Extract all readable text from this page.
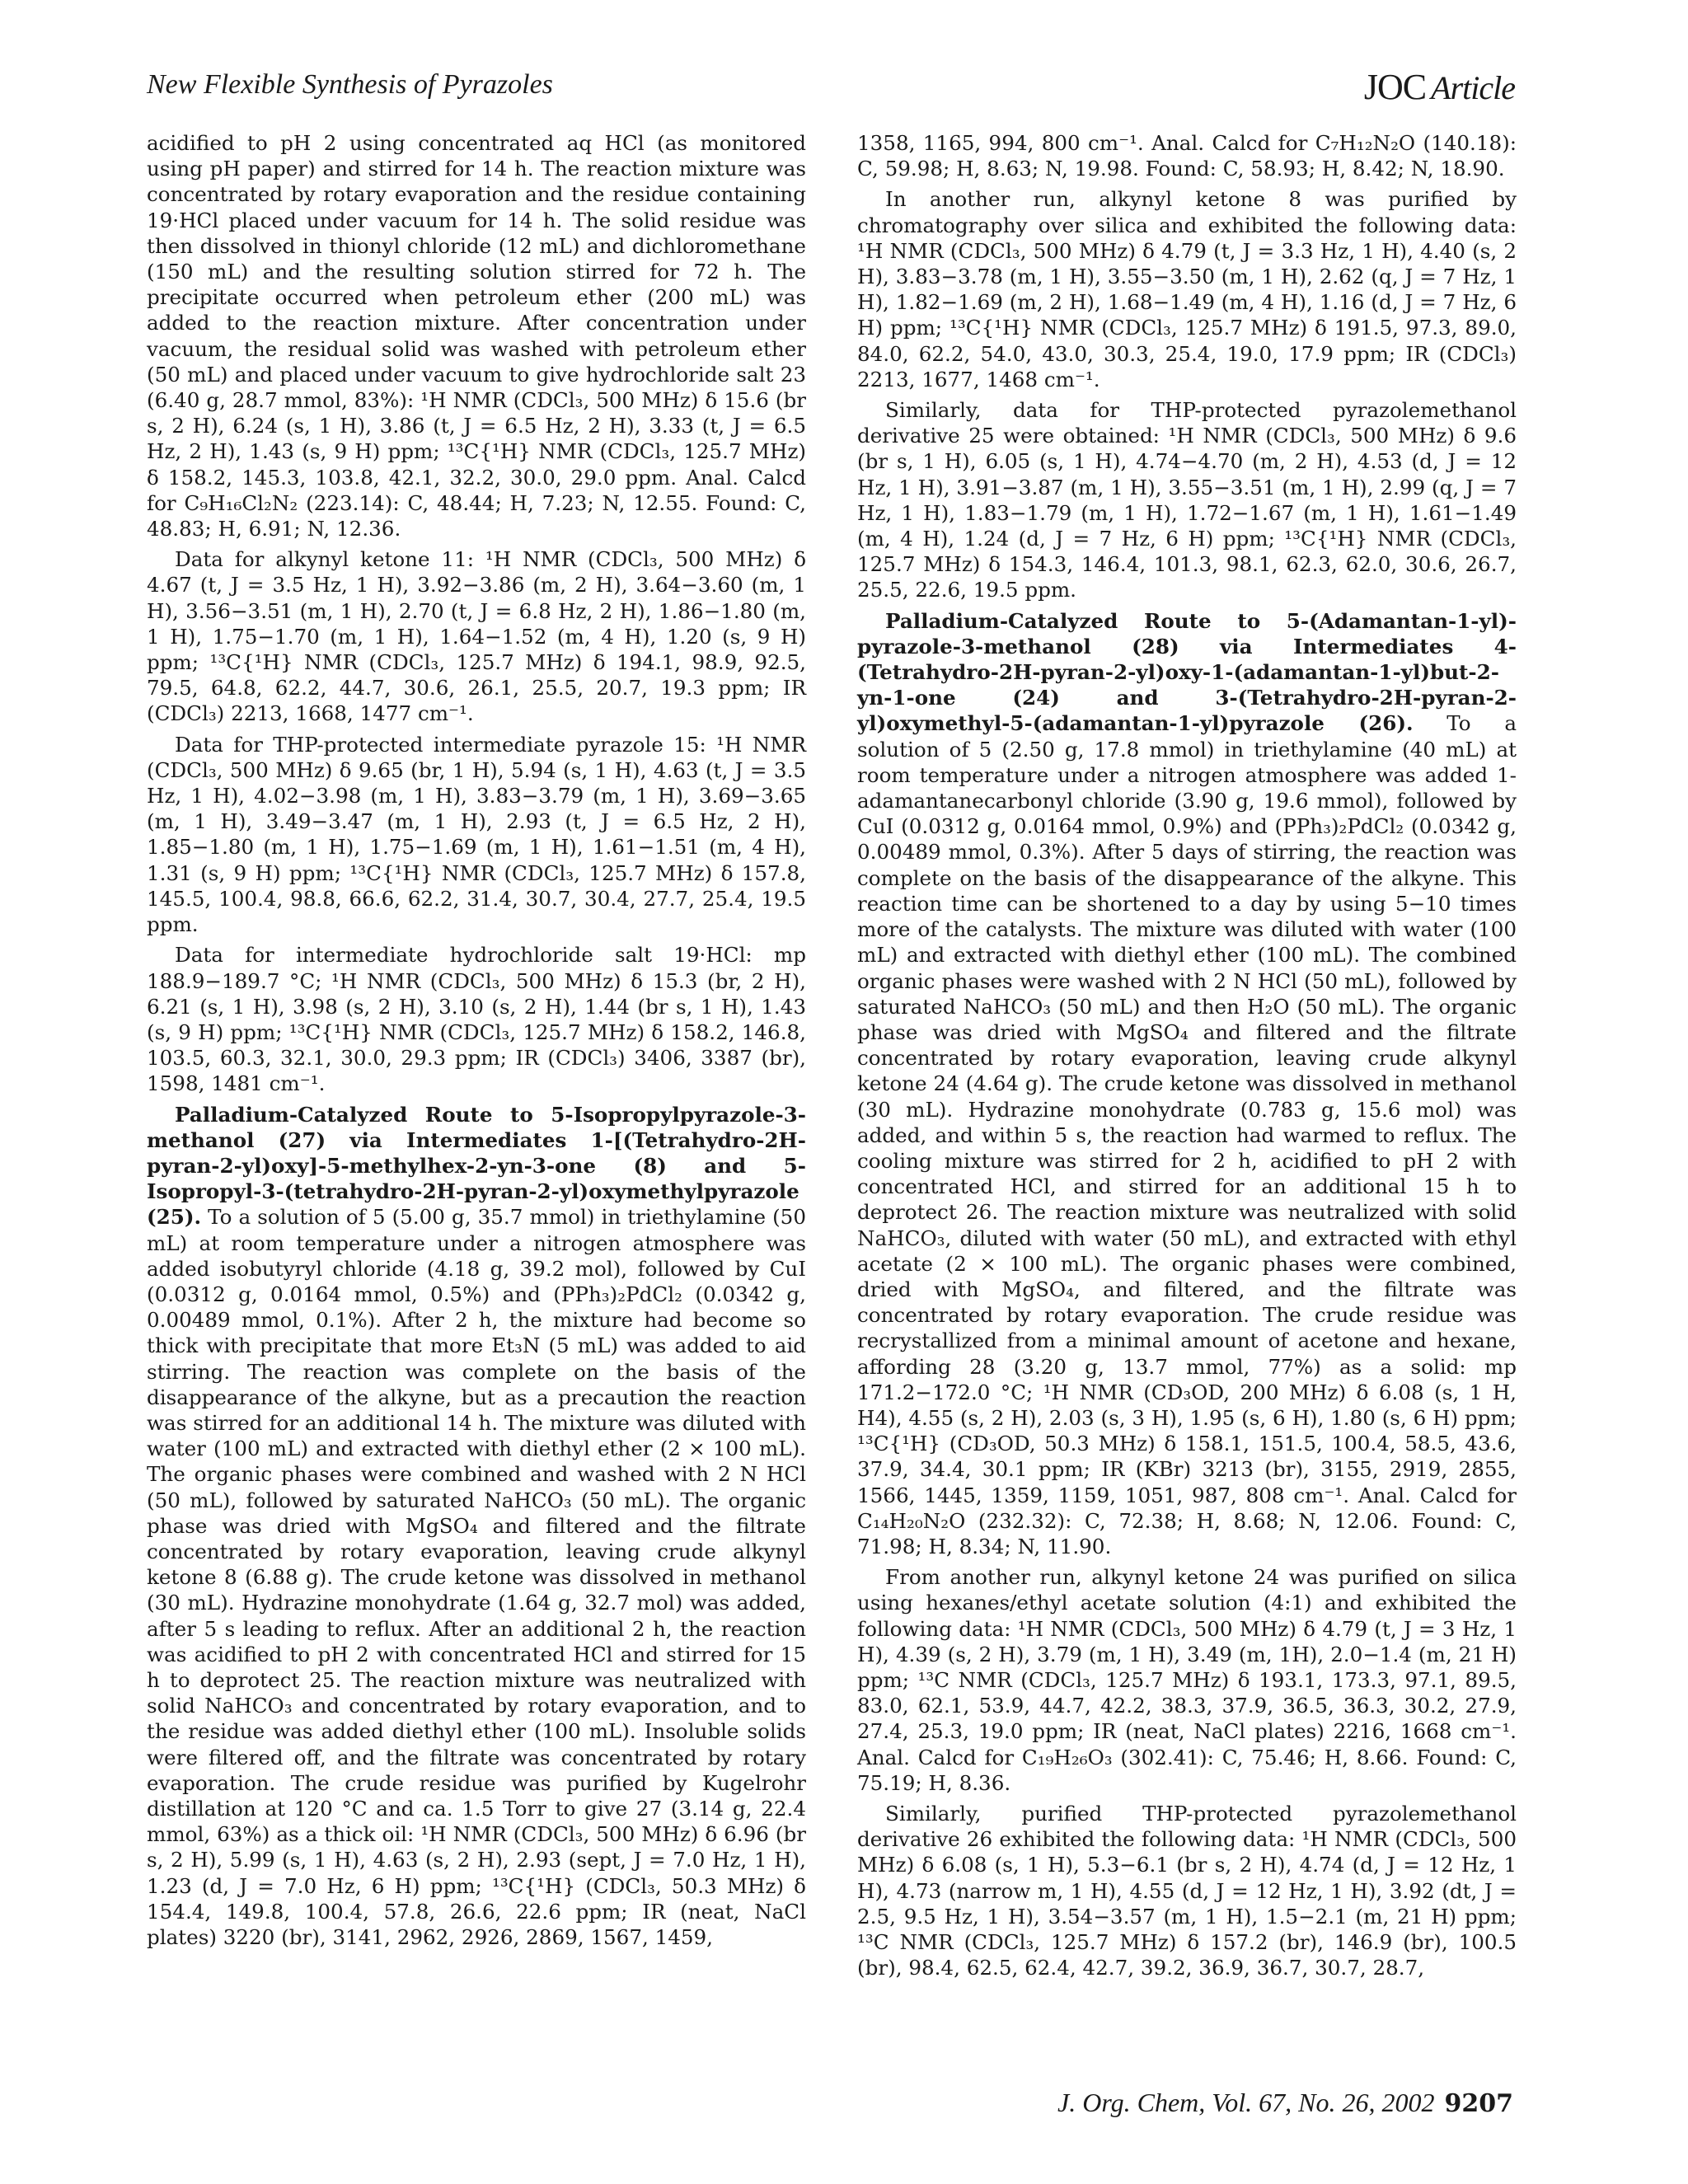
New Flexible Synthesis of Pyrazoles	JOC Article

acidified to pH 2 using concentrated aq HCl (as monitored using pH paper) and stirred for 14 h. The reaction mixture was concentrated by rotary evaporation and the residue containing 19·HCl placed under vacuum for 14 h. The solid residue was then dissolved in thionyl chloride (12 mL) and dichloromethane (150 mL) and the resulting solution stirred for 72 h. The precipitate occurred when petroleum ether (200 mL) was added to the reaction mixture. After concentration under vacuum, the residual solid was washed with petroleum ether (50 mL) and placed under vacuum to give hydrochloride salt 23 (6.40 g, 28.7 mmol, 83%): ¹H NMR (CDCl₃, 500 MHz) δ 15.6 (br s, 2 H), 6.24 (s, 1 H), 3.86 (t, J = 6.5 Hz, 2 H), 3.33 (t, J = 6.5 Hz, 2 H), 1.43 (s, 9 H) ppm; ¹³C{¹H} NMR (CDCl₃, 125.7 MHz) δ 158.2, 145.3, 103.8, 42.1, 32.2, 30.0, 29.0 ppm. Anal. Calcd for C₉H₁₆Cl₂N₂ (223.14): C, 48.44; H, 7.23; N, 12.55. Found: C, 48.83; H, 6.91; N, 12.36.

Data for alkynyl ketone 11: ¹H NMR (CDCl₃, 500 MHz) δ 4.67 (t, J = 3.5 Hz, 1 H), 3.92−3.86 (m, 2 H), 3.64−3.60 (m, 1 H), 3.56−3.51 (m, 1 H), 2.70 (t, J = 6.8 Hz, 2 H), 1.86−1.80 (m, 1 H), 1.75−1.70 (m, 1 H), 1.64−1.52 (m, 4 H), 1.20 (s, 9 H) ppm; ¹³C{¹H} NMR (CDCl₃, 125.7 MHz) δ 194.1, 98.9, 92.5, 79.5, 64.8, 62.2, 44.7, 30.6, 26.1, 25.5, 20.7, 19.3 ppm; IR (CDCl₃) 2213, 1668, 1477 cm⁻¹.

Data for THP-protected intermediate pyrazole 15: ¹H NMR (CDCl₃, 500 MHz) δ 9.65 (br, 1 H), 5.94 (s, 1 H), 4.63 (t, J = 3.5 Hz, 1 H), 4.02−3.98 (m, 1 H), 3.83−3.79 (m, 1 H), 3.69−3.65 (m, 1 H), 3.49−3.47 (m, 1 H), 2.93 (t, J = 6.5 Hz, 2 H), 1.85−1.80 (m, 1 H), 1.75−1.69 (m, 1 H), 1.61−1.51 (m, 4 H), 1.31 (s, 9 H) ppm; ¹³C{¹H} NMR (CDCl₃, 125.7 MHz) δ 157.8, 145.5, 100.4, 98.8, 66.6, 62.2, 31.4, 30.7, 30.4, 27.7, 25.4, 19.5 ppm.

Data for intermediate hydrochloride salt 19·HCl: mp 188.9−189.7 °C; ¹H NMR (CDCl₃, 500 MHz) δ 15.3 (br, 2 H), 6.21 (s, 1 H), 3.98 (s, 2 H), 3.10 (s, 2 H), 1.44 (br s, 1 H), 1.43 (s, 9 H) ppm; ¹³C{¹H} NMR (CDCl₃, 125.7 MHz) δ 158.2, 146.8, 103.5, 60.3, 32.1, 30.0, 29.3 ppm; IR (CDCl₃) 3406, 3387 (br), 1598, 1481 cm⁻¹.

Palladium-Catalyzed Route to 5-Isopropylpyrazole-3-methanol (27) via Intermediates 1-[(Tetrahydro-2H-pyran-2-yl)oxy]-5-methylhex-2-yn-3-one (8) and 5-Isopropyl-3-(tetrahydro-2H-pyran-2-yl)oxymethylpyrazole (25). To a solution of 5 (5.00 g, 35.7 mmol) in triethylamine (50 mL) at room temperature under a nitrogen atmosphere was added isobutyryl chloride (4.18 g, 39.2 mol), followed by CuI (0.0312 g, 0.0164 mmol, 0.5%) and (PPh₃)₂PdCl₂ (0.0342 g, 0.00489 mmol, 0.1%). After 2 h, the mixture had become so thick with precipitate that more Et₃N (5 mL) was added to aid stirring. The reaction was complete on the basis of the disappearance of the alkyne, but as a precaution the reaction was stirred for an additional 14 h. The mixture was diluted with water (100 mL) and extracted with diethyl ether (2 × 100 mL). The organic phases were combined and washed with 2 N HCl (50 mL), followed by saturated NaHCO₃ (50 mL). The organic phase was dried with MgSO₄ and filtered and the filtrate concentrated by rotary evaporation, leaving crude alkynyl ketone 8 (6.88 g). The crude ketone was dissolved in methanol (30 mL). Hydrazine monohydrate (1.64 g, 32.7 mol) was added, after 5 s leading to reflux. After an additional 2 h, the reaction was acidified to pH 2 with concentrated HCl and stirred for 15 h to deprotect 25. The reaction mixture was neutralized with solid NaHCO₃ and concentrated by rotary evaporation, and to the residue was added diethyl ether (100 mL). Insoluble solids were filtered off, and the filtrate was concentrated by rotary evaporation. The crude residue was purified by Kugelrohr distillation at 120 °C and ca. 1.5 Torr to give 27 (3.14 g, 22.4 mmol, 63%) as a thick oil: ¹H NMR (CDCl₃, 500 MHz) δ 6.96 (br s, 2 H), 5.99 (s, 1 H), 4.63 (s, 2 H), 2.93 (sept, J = 7.0 Hz, 1 H), 1.23 (d, J = 7.0 Hz, 6 H) ppm; ¹³C{¹H} (CDCl₃, 50.3 MHz) δ 154.4, 149.8, 100.4, 57.8, 26.6, 22.6 ppm; IR (neat, NaCl plates) 3220 (br), 3141, 2962, 2926, 2869, 1567, 1459,

1358, 1165, 994, 800 cm⁻¹. Anal. Calcd for C₇H₁₂N₂O (140.18): C, 59.98; H, 8.63; N, 19.98. Found: C, 58.93; H, 8.42; N, 18.90.

In another run, alkynyl ketone 8 was purified by chromatography over silica and exhibited the following data: ¹H NMR (CDCl₃, 500 MHz) δ 4.79 (t, J = 3.3 Hz, 1 H), 4.40 (s, 2 H), 3.83−3.78 (m, 1 H), 3.55−3.50 (m, 1 H), 2.62 (q, J = 7 Hz, 1 H), 1.82−1.69 (m, 2 H), 1.68−1.49 (m, 4 H), 1.16 (d, J = 7 Hz, 6 H) ppm; ¹³C{¹H} NMR (CDCl₃, 125.7 MHz) δ 191.5, 97.3, 89.0, 84.0, 62.2, 54.0, 43.0, 30.3, 25.4, 19.0, 17.9 ppm; IR (CDCl₃) 2213, 1677, 1468 cm⁻¹.

Similarly, data for THP-protected pyrazolemethanol derivative 25 were obtained: ¹H NMR (CDCl₃, 500 MHz) δ 9.6 (br s, 1 H), 6.05 (s, 1 H), 4.74−4.70 (m, 2 H), 4.53 (d, J = 12 Hz, 1 H), 3.91−3.87 (m, 1 H), 3.55−3.51 (m, 1 H), 2.99 (q, J = 7 Hz, 1 H), 1.83−1.79 (m, 1 H), 1.72−1.67 (m, 1 H), 1.61−1.49 (m, 4 H), 1.24 (d, J = 7 Hz, 6 H) ppm; ¹³C{¹H} NMR (CDCl₃, 125.7 MHz) δ 154.3, 146.4, 101.3, 98.1, 62.3, 62.0, 30.6, 26.7, 25.5, 22.6, 19.5 ppm.

Palladium-Catalyzed Route to 5-(Adamantan-1-yl)-pyrazole-3-methanol (28) via Intermediates 4-(Tetrahydro-2H-pyran-2-yl)oxy-1-(adamantan-1-yl)but-2-yn-1-one (24) and 3-(Tetrahydro-2H-pyran-2-yl)oxymethyl-5-(adamantan-1-yl)pyrazole (26). To a solution of 5 (2.50 g, 17.8 mmol) in triethylamine (40 mL) at room temperature under a nitrogen atmosphere was added 1-adamantanecarbonyl chloride (3.90 g, 19.6 mmol), followed by CuI (0.0312 g, 0.0164 mmol, 0.9%) and (PPh₃)₂PdCl₂ (0.0342 g, 0.00489 mmol, 0.3%). After 5 days of stirring, the reaction was complete on the basis of the disappearance of the alkyne. This reaction time can be shortened to a day by using 5−10 times more of the catalysts. The mixture was diluted with water (100 mL) and extracted with diethyl ether (100 mL). The combined organic phases were washed with 2 N HCl (50 mL), followed by saturated NaHCO₃ (50 mL) and then H₂O (50 mL). The organic phase was dried with MgSO₄ and filtered and the filtrate concentrated by rotary evaporation, leaving crude alkynyl ketone 24 (4.64 g). The crude ketone was dissolved in methanol (30 mL). Hydrazine monohydrate (0.783 g, 15.6 mol) was added, and within 5 s, the reaction had warmed to reflux. The cooling mixture was stirred for 2 h, acidified to pH 2 with concentrated HCl, and stirred for an additional 15 h to deprotect 26. The reaction mixture was neutralized with solid NaHCO₃, diluted with water (50 mL), and extracted with ethyl acetate (2 × 100 mL). The organic phases were combined, dried with MgSO₄, and filtered, and the filtrate was concentrated by rotary evaporation. The crude residue was recrystallized from a minimal amount of acetone and hexane, affording 28 (3.20 g, 13.7 mmol, 77%) as a solid: mp 171.2−172.0 °C; ¹H NMR (CD₃OD, 200 MHz) δ 6.08 (s, 1 H, H4), 4.55 (s, 2 H), 2.03 (s, 3 H), 1.95 (s, 6 H), 1.80 (s, 6 H) ppm; ¹³C{¹H} (CD₃OD, 50.3 MHz) δ 158.1, 151.5, 100.4, 58.5, 43.6, 37.9, 34.4, 30.1 ppm; IR (KBr) 3213 (br), 3155, 2919, 2855, 1566, 1445, 1359, 1159, 1051, 987, 808 cm⁻¹. Anal. Calcd for C₁₄H₂₀N₂O (232.32): C, 72.38; H, 8.68; N, 12.06. Found: C, 71.98; H, 8.34; N, 11.90.

From another run, alkynyl ketone 24 was purified on silica using hexanes/ethyl acetate solution (4:1) and exhibited the following data: ¹H NMR (CDCl₃, 500 MHz) δ 4.79 (t, J = 3 Hz, 1 H), 4.39 (s, 2 H), 3.79 (m, 1 H), 3.49 (m, 1H), 2.0−1.4 (m, 21 H) ppm; ¹³C NMR (CDCl₃, 125.7 MHz) δ 193.1, 173.3, 97.1, 89.5, 83.0, 62.1, 53.9, 44.7, 42.2, 38.3, 37.9, 36.5, 36.3, 30.2, 27.9, 27.4, 25.3, 19.0 ppm; IR (neat, NaCl plates) 2216, 1668 cm⁻¹. Anal. Calcd for C₁₉H₂₆O₃ (302.41): C, 75.46; H, 8.66. Found: C, 75.19; H, 8.36.

Similarly, purified THP-protected pyrazolemethanol derivative 26 exhibited the following data: ¹H NMR (CDCl₃, 500 MHz) δ 6.08 (s, 1 H), 5.3−6.1 (br s, 2 H), 4.74 (d, J = 12 Hz, 1 H), 4.73 (narrow m, 1 H), 4.55 (d, J = 12 Hz, 1 H), 3.92 (dt, J = 2.5, 9.5 Hz, 1 H), 3.54−3.57 (m, 1 H), 1.5−2.1 (m, 21 H) ppm; ¹³C NMR (CDCl₃, 125.7 MHz) δ 157.2 (br), 146.9 (br), 100.5 (br), 98.4, 62.5, 62.4, 42.7, 39.2, 36.9, 36.7, 30.7, 28.7,

J. Org. Chem, Vol. 67, No. 26, 2002 9207
